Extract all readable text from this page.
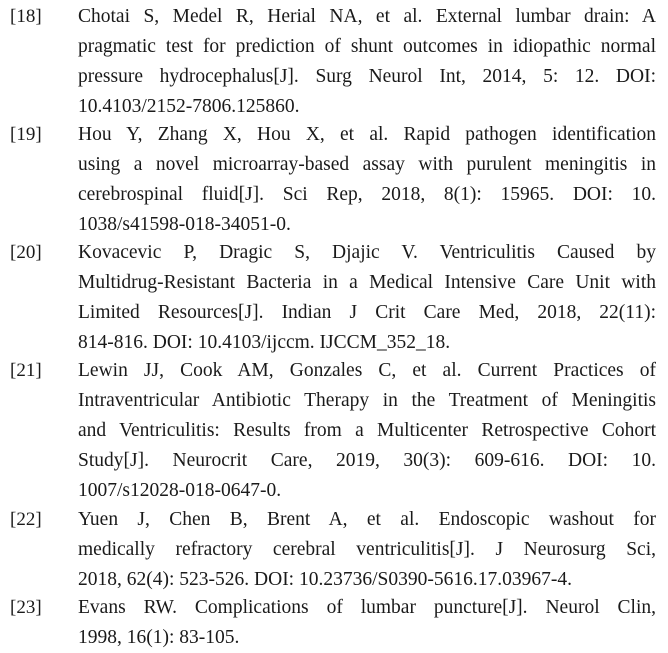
[18] Chotai S, Medel R, Herial NA, et al. External lumbar drain: A
pragmatic test for prediction of shunt outcomes in idiopathic normal
pressure hydrocephalus[J]. Surg Neurol Int, 2014, 5: 12. DOI:
10.4103/2152-7806.125860.
[19] Hou Y, Zhang X, Hou X, et al. Rapid pathogen identification
using a novel microarray-based assay with purulent meningitis in
cerebrospinal fluid[J]. Sci Rep, 2018, 8(1): 15965. DOI: 10.
1038/s41598-018-34051-0.
[20] Kovacevic P, Dragic S, Djajic V. Ventriculitis Caused by
Multidrug-Resistant Bacteria in a Medical Intensive Care Unit with
Limited Resources[J]. Indian J Crit Care Med, 2018, 22(11):
814-816. DOI: 10.4103/ijccm. IJCCM_352_18.
[21] Lewin JJ, Cook AM, Gonzales C, et al. Current Practices of
Intraventricular Antibiotic Therapy in the Treatment of Meningitis
and Ventriculitis: Results from a Multicenter Retrospective Cohort
Study[J]. Neurocrit Care, 2019, 30(3): 609-616. DOI: 10.
1007/s12028-018-0647-0.
[22] Yuen J, Chen B, Brent A, et al. Endoscopic washout for
medically refractory cerebral ventriculitis[J]. J Neurosurg Sci,
2018, 62(4): 523-526. DOI: 10.23736/S0390-5616.17.03967-4.
[23] Evans RW. Complications of lumbar puncture[J]. Neurol Clin,
1998, 16(1): 83-105.
